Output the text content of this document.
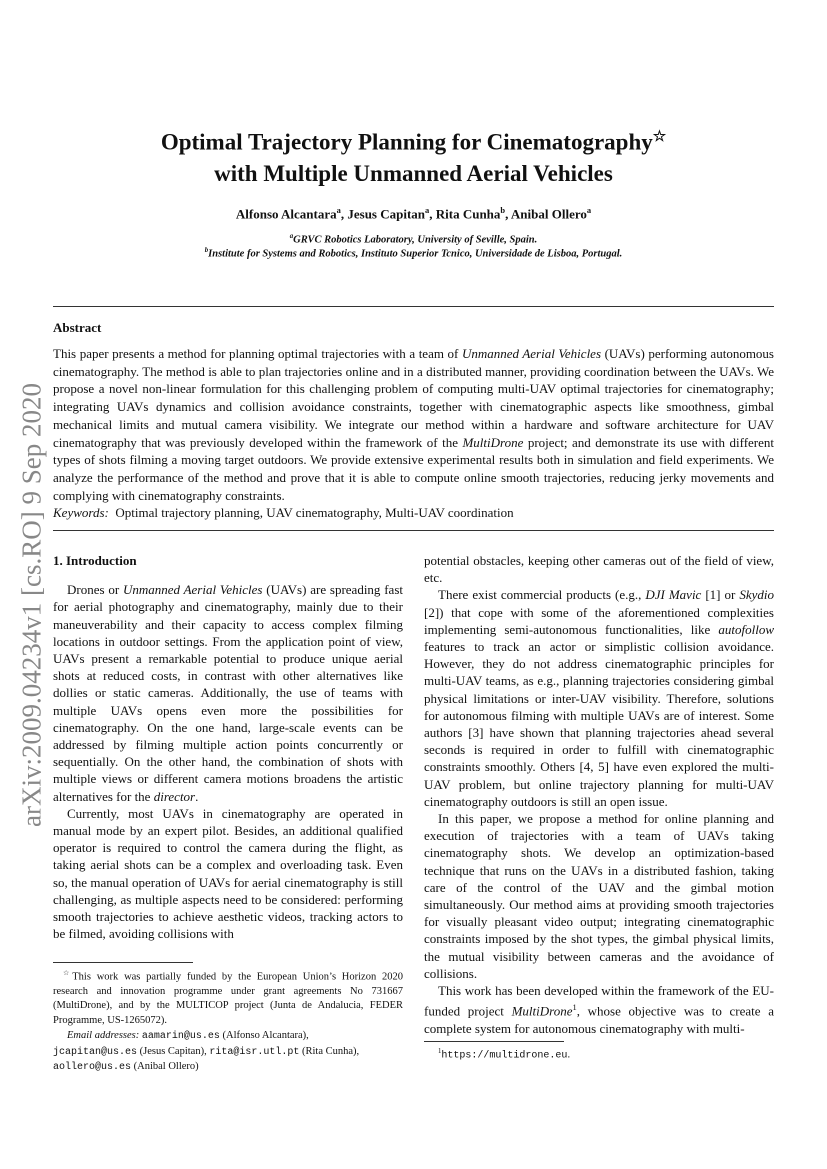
arXiv:2009.04234v1 [cs.RO] 9 Sep 2020
Optimal Trajectory Planning for Cinematography☆
with Multiple Unmanned Aerial Vehicles
Alfonso Alcantara$^a$, Jesus Capitan$^a$, Rita Cunha$^b$, Anibal Ollero$^a$
$^a$GRVC Robotics Laboratory, University of Seville, Spain.
$^b$Institute for Systems and Robotics, Instituto Superior Tcnico, Universidade de Lisboa, Portugal.
Abstract
This paper presents a method for planning optimal trajectories with a team of Unmanned Aerial Vehicles (UAVs) performing autonomous cinematography. The method is able to plan trajectories online and in a distributed manner, providing coordination between the UAVs. We propose a novel non-linear formulation for this challenging problem of computing multi-UAV optimal trajectories for cinematography; integrating UAVs dynamics and collision avoidance constraints, together with cinematographic aspects like smoothness, gimbal mechanical limits and mutual camera visibility. We integrate our method within a hardware and software architecture for UAV cinematography that was previously developed within the framework of the MultiDrone project; and demonstrate its use with different types of shots filming a moving target outdoors. We provide extensive experimental results both in simulation and field experiments. We analyze the performance of the method and prove that it is able to compute online smooth trajectories, reducing jerky movements and complying with cinematography constraints.
Keywords: Optimal trajectory planning, UAV cinematography, Multi-UAV coordination
1. Introduction

Drones or Unmanned Aerial Vehicles (UAVs) are spreading fast for aerial photography and cinematography, mainly due to their maneuverability and their capacity to access complex filming locations in outdoor settings. From the application point of view, UAVs present a remarkable potential to produce unique aerial shots at reduced costs, in contrast with other alternatives like dollies or static cameras. Additionally, the use of teams with multiple UAVs opens even more the possibilities for cinematography. On the one hand, large-scale events can be addressed by filming multiple action points concurrently or sequentially. On the other hand, the combination of shots with multiple views or different camera motions broadens the artistic alternatives for the director.

Currently, most UAVs in cinematography are operated in manual mode by an expert pilot. Besides, an additional qualified operator is required to control the camera during the flight, as taking aerial shots can be a complex and overloading task. Even so, the manual operation of UAVs for aerial cinematography is still challenging, as multiple aspects need to be considered: performing smooth trajectories to achieve aesthetic videos, tracking actors to be filmed, avoiding collisions with

☆This work was partially funded by the European Union’s Horizon 2020 research and innovation programme under grant agreements No 731667 (MultiDrone), and by the MULTICOP project (Junta de Andalucia, FEDER Programme, US-1265072).
Email addresses: aamarin@us.es (Alfonso Alcantara),
jcapitan@us.es (Jesus Capitan), rita@isr.utl.pt (Rita Cunha),
aollero@us.es (Anibal Ollero)

potential obstacles, keeping other cameras out of the field of view, etc.

There exist commercial products (e.g., DJI Mavic [1] or Skydio [2]) that cope with some of the aforementioned complexities implementing semi-autonomous functionalities, like autofollow features to track an actor or simplistic collision avoidance. However, they do not address cinematographic principles for multi-UAV teams, as e.g., planning trajectories considering gimbal physical limitations or inter-UAV visibility. Therefore, solutions for autonomous filming with multiple UAVs are of interest. Some authors [3] have shown that planning trajectories ahead several seconds is required in order to fulfill with cinematographic constraints smoothly. Others [4, 5] have even explored the multi-UAV problem, but online trajectory planning for multi-UAV cinematography outdoors is still an open issue.

In this paper, we propose a method for online planning and execution of trajectories with a team of UAVs taking cinematography shots. We develop an optimization-based technique that runs on the UAVs in a distributed fashion, taking care of the control of the UAV and the gimbal motion simultaneously. Our method aims at providing smooth trajectories for visually pleasant video output; integrating cinematographic constraints imposed by the shot types, the gimbal physical limits, the mutual visibility between cameras and the avoidance of collisions.

This work has been developed within the framework of the EU-funded project MultiDrone$^1$, whose objective was to create a complete system for autonomous cinematography with multi-

$^1$https://multidrone.eu.
